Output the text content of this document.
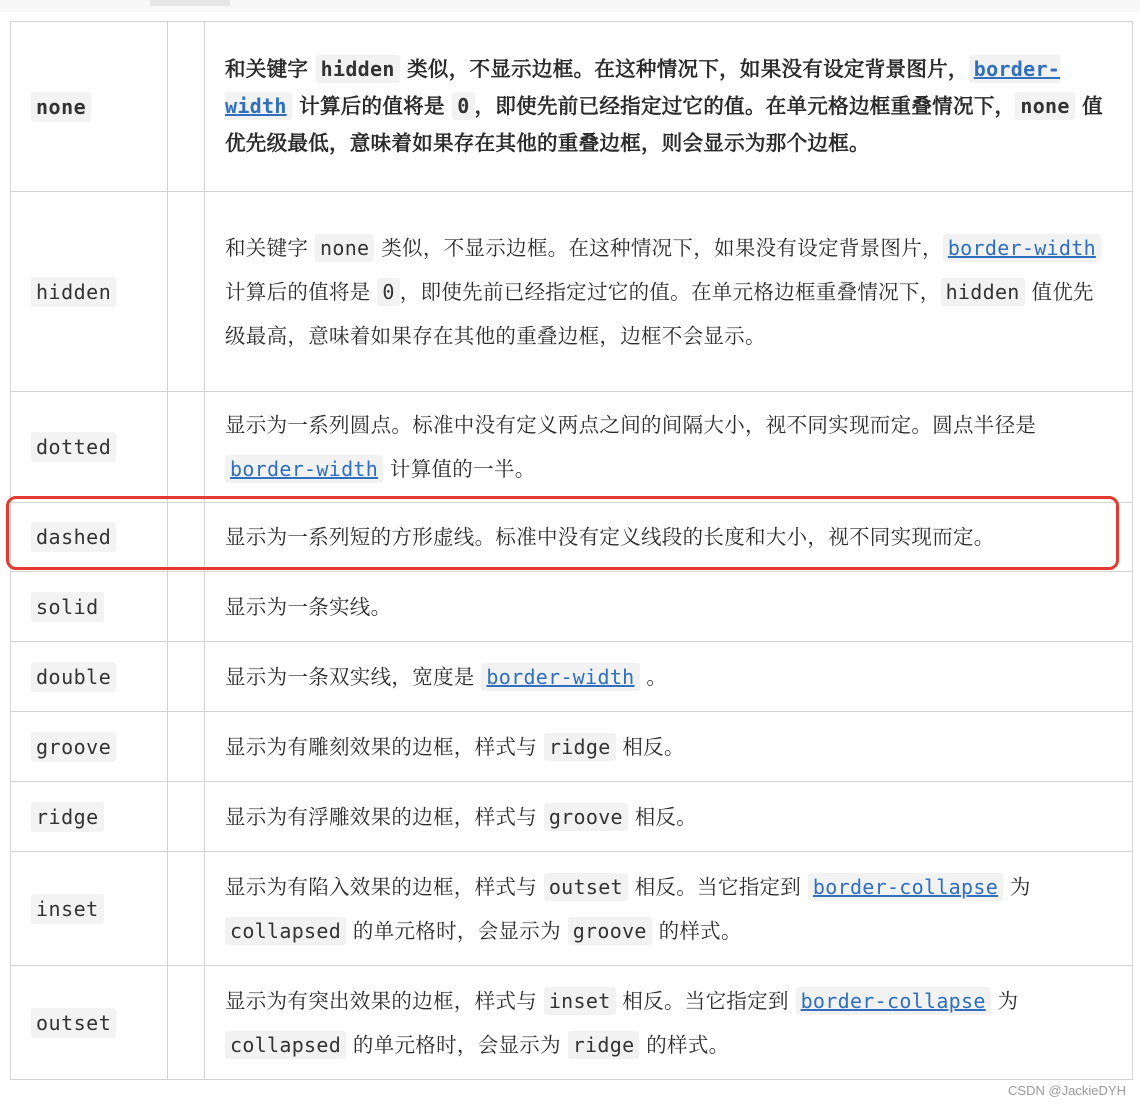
none		和关键字 hidden 类似，不显示边框。在这种情况下，如果没有设定背景图片， border-width 计算后的值将是 0 ，即使先前已经指定过它的值。在单元格边框重叠情况下， none 值优先级最低，意味着如果存在其他的重叠边框，则会显示为那个边框。

hidden		和关键字 none 类似，不显示边框。在这种情况下，如果没有设定背景图片， border-width 计算后的值将是 0 ，即使先前已经指定过它的值。在单元格边框重叠情况下， hidden 值优先级最高，意味着如果存在其他的重叠边框，边框不会显示。

dotted		显示为一系列圆点。标准中没有定义两点之间的间隔大小，视不同实现而定。圆点半径是 border-width 计算值的一半。

dashed		显示为一系列短的方形虚线。标准中没有定义线段的长度和大小，视不同实现而定。

solid		显示为一条实线。

double		显示为一条双实线，宽度是 border-width 。

groove		显示为有雕刻效果的边框，样式与 ridge 相反。

ridge		显示为有浮雕效果的边框，样式与 groove 相反。

inset		显示为有陷入效果的边框，样式与 outset 相反。当它指定到 border-collapse 为 collapsed 的单元格时，会显示为 groove 的样式。

outset		显示为有突出效果的边框，样式与 inset 相反。当它指定到 border-collapse 为 collapsed 的单元格时，会显示为 ridge 的样式。
CSDN @JackieDYH
